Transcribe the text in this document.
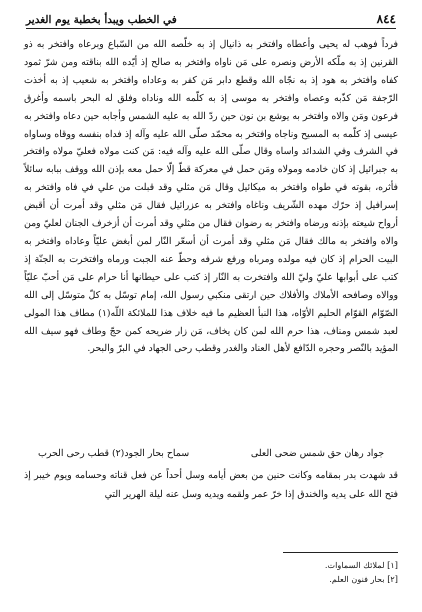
٨٤٤
في الخطب ويبدأ بخطبة يوم الغدير

فرداً فوهب له يحيى وأعطاه وافتخر به ذانيال إذ به خلّصه الله من السّباع وبرعاه وافتخر به ذو القرنين إذ به ملّكه الأرض ونصره على مَن ناواه وافتخر به صالح إذ أيّده الله بناقته ومن شرّ ثمود كفاه وافتخر به هود إذ به نجّاه الله وقطع دابر مَن كفر به وعاداه وافتخر به شعيب إذ به أخذت الرّجفة مَن كذّبه وعصاه وافتخر به موسى إذ به كلّمه الله وناداه وفلق له البحر باسمه وأغرق فرعون ومَن والاه وافتخر به يوشع بن نون حين ردّ الله به عليه الشمس وأجابه حين دعاه وافتخر به عيسى إذ كلّمه به المسيح وناجاه وافتخر به محمّد صلّى الله عليه وآله إذ فداه بنفسه ووقاه وساواه في الشرف وفي الشدائد واساه وقال صلّى الله عليه وآله فيه: مَن كنت مولاه فعليّ مولاه وافتخر به جبرائيل إذ كان خادمه ومولاه ومَن حمل في معركة قطّ إلّا حمل معه بإذن الله ووقف ببابه سائلاً فأثره، بقوته في طواه وافتخر به ميكائيل وقال مَن مثلي وقد قبلت من علي في فاه وافتخر به إسرافيل إذ حرّك مهده الشّريف وناغاه وافتخر به عزرائيل فقال مَن مثلي وقد أمرت أن أقبض أرواح شيعته بإذنه ورضاه وافتخر به رضوان فقال من مثلي وقد أمرت أن أزخرف الجنان لعليّ ومن والاه وافتخر به مالك فقال مَن مثلي وقد أمرت أن أسعّر النّار لمن أبغض عليّاً وعاداه وافتخر به البيت الحرام إذ كان فيه مولده ومرباه ورفع شرفه وحطّ عنه الجبت ورماه وافتخرت به الجنّة إذ كتب على أبوابها عليّ وليّ الله وافتخرت به النّار إذ كتب على حيطانها أنا حرام على مَن أحبّ عليّاً ووالاه وصافحه الأملاك والأفلاك حين ارتقى منكبي رسول الله، إمام توسّل به كلّ متوسّل إلى الله الصّوّام القوّام الحليم الأوّاه، هذا النبأ العظيم ما فيه خلاف هذا للملائكة اللّه(١) مطاف هذا المولى لعبد شمس ومناف، هذا حرم الله لمن كان يخاف، مَن زار ضريحه كمن حجّ وطاف فهو سيف الله المؤيد بالنّصر وحجره الدّافع لأهل العناد والغدر وقطب رحى الجهاد في البرّ والبحر.

جواد رهان حق شمس ضحى العلى
سماح بحار الجود(٢) قطب رحى الحرب

قد شهدت بدر بمقامه وكانت حنين من بعض أيامه وسل أحداً عن فعل قناته وحسامه ويوم خيبر إذ فتح الله على يديه والخندق إذا خرّ عمر ولقمه ويديه وسل عنه ليلة الهرير التي

[١] لملائك السماوات.
[٢] بحار فنون العلم.
